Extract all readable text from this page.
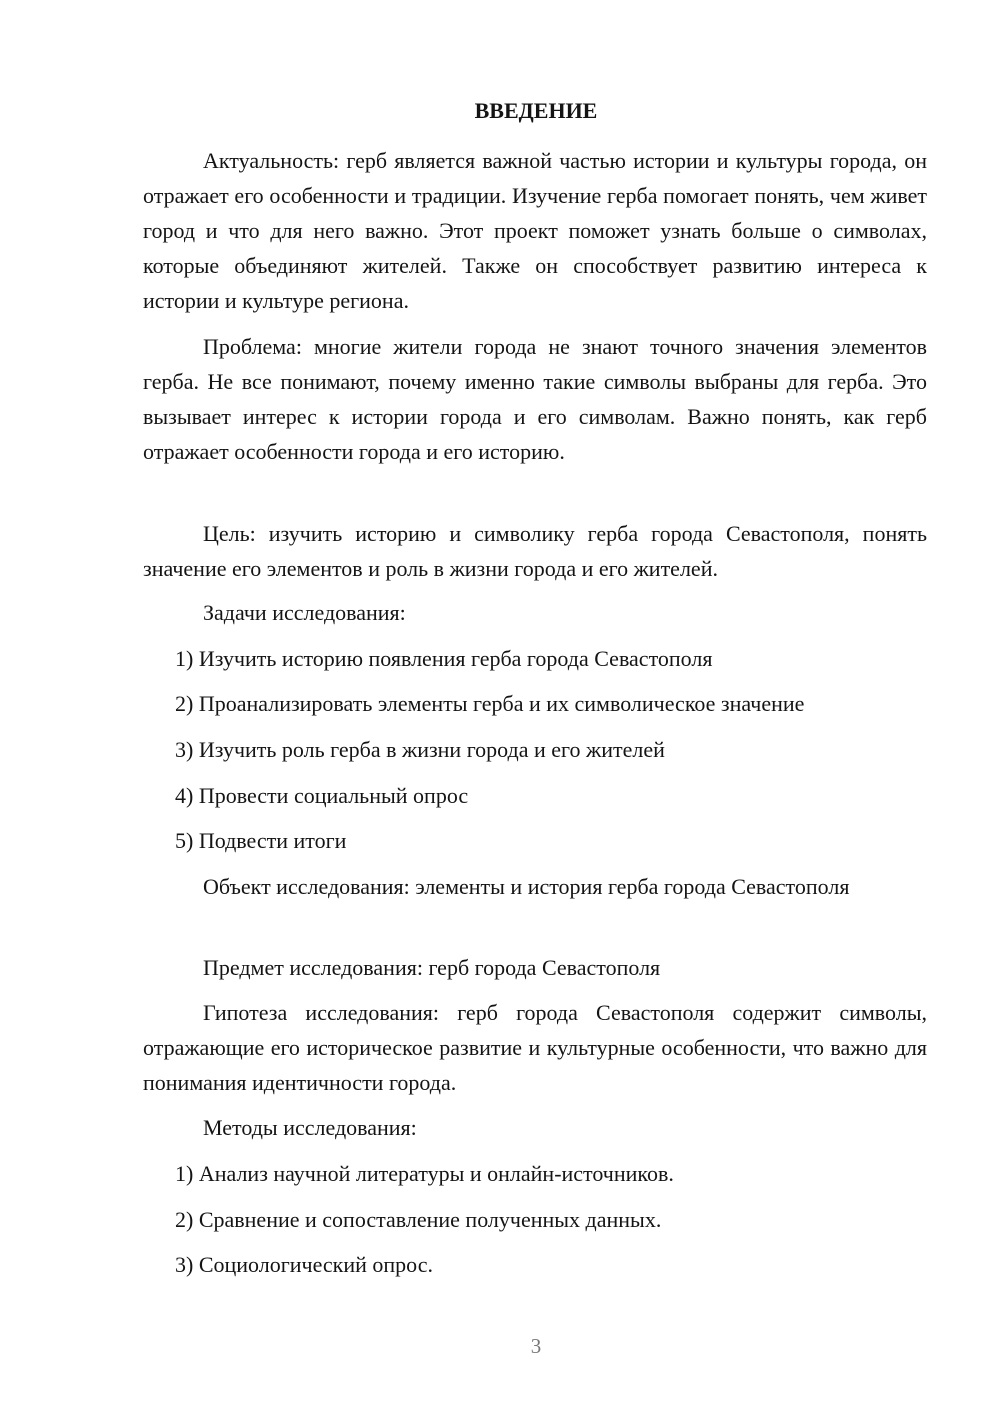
ВВЕДЕНИЕ

Актуальность: герб является важной частью истории и культуры города, он отражает его особенности и традиции. Изучение герба помогает понять, чем живет город и что для него важно. Этот проект поможет узнать больше о символах, которые объединяют жителей. Также он способствует развитию интереса к истории и культуре региона.

Проблема: многие жители города не знают точного значения элементов герба. Не все понимают, почему именно такие символы выбраны для герба. Это вызывает интерес к истории города и его символам. Важно понять, как герб отражает особенности города и его историю.

Цель: изучить историю и символику герба города Севастополя, понять значение его элементов и роль в жизни города и его жителей.

Задачи исследования:

1) Изучить историю появления герба города Севастополя

2) Проанализировать элементы герба и их символическое значение

3) Изучить роль герба в жизни города и его жителей

4) Провести социальный опрос

5) Подвести итоги

Объект исследования: элементы и история герба города Севастополя

Предмет исследования: герб города Севастополя

Гипотеза исследования: герб города Севастополя содержит символы, отражающие его историческое развитие и культурные особенности, что важно для понимания идентичности города.

Методы исследования:

1) Анализ научной литературы и онлайн-источников.

2) Сравнение и сопоставление полученных данных.

3) Социологический опрос.

3
